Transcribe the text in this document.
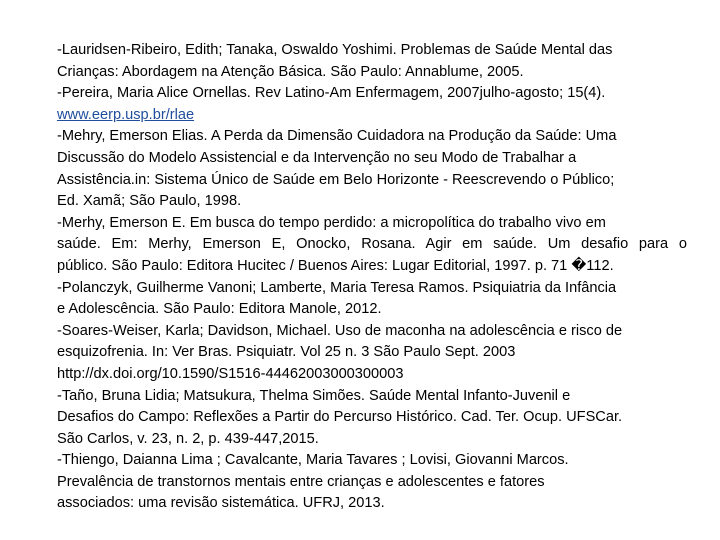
-Lauridsen-Ribeiro, Edith; Tanaka, Oswaldo Yoshimi. Problemas de Saúde Mental das
Crianças: Abordagem na Atenção Básica. São Paulo: Annablume, 2005.
-Pereira, Maria Alice Ornellas. Rev Latino-Am Enfermagem, 2007julho-agosto; 15(4).
www.eerp.usp.br/rlae
-Mehry, Emerson Elias. A Perda da Dimensão Cuidadora na Produção da Saúde: Uma
Discussão do Modelo Assistencial e da Intervenção no seu Modo de Trabalhar a
Assistência.in: Sistema Único de Saúde em Belo Horizonte - Reescrevendo o Público;
Ed. Xamã; São Paulo, 1998.
-Merhy, Emerson E. Em busca do tempo perdido: a micropolítica do trabalho vivo em
saúde. Em: Merhy, Emerson E, Onocko, Rosana. Agir em saúde. Um desafio para o
público. São Paulo: Editora Hucitec / Buenos Aires: Lugar Editorial, 1997. p. 71 �112.
-Polanczyk, Guilherme Vanoni; Lamberte, Maria Teresa Ramos. Psiquiatria da Infância
e Adolescência. São Paulo: Editora Manole, 2012.
-Soares-Weiser, Karla; Davidson, Michael. Uso de maconha na adolescência e risco de
esquizofrenia. In: Ver Bras. Psiquiatr. Vol 25 n. 3 São Paulo Sept. 2003
http://dx.doi.org/10.1590/S1516-44462003000300003
-Taño, Bruna Lidia; Matsukura, Thelma Simões. Saúde Mental Infanto-Juvenil e
Desafios do Campo: Reflexões a Partir do Percurso Histórico. Cad. Ter. Ocup. UFSCar.
São Carlos, v. 23, n. 2, p. 439-447,2015.
-Thiengo, Daianna Lima ; Cavalcante, Maria Tavares ; Lovisi, Giovanni Marcos.
Prevalência de transtornos mentais entre crianças e adolescentes e fatores
associados: uma revisão sistemática. UFRJ, 2013.
